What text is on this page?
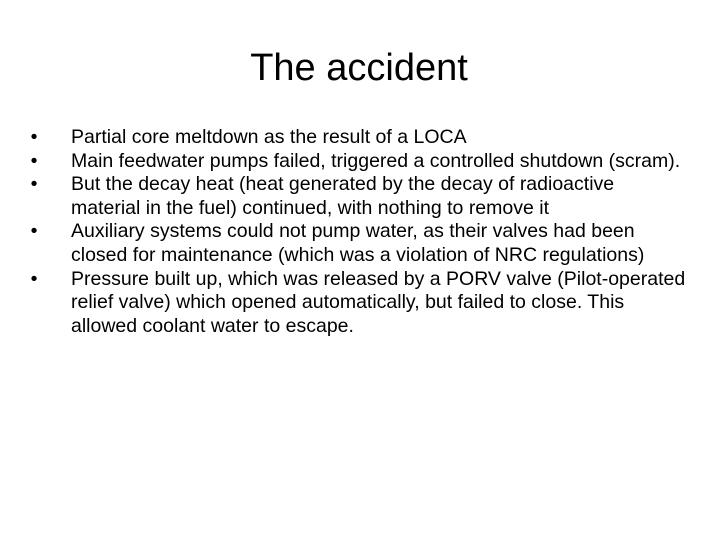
The accident
• Partial core meltdown as the result of a LOCA
• Main feedwater pumps failed, triggered a controlled shutdown (scram).
• But the decay heat (heat generated by the decay of radioactive material in the fuel) continued, with nothing to remove it
• Auxiliary systems could not pump water, as their valves had been closed for maintenance (which was a violation of NRC regulations)
• Pressure built up, which was released by a PORV valve (Pilot-operated relief valve) which opened automatically, but failed to close. This allowed coolant water to escape.
